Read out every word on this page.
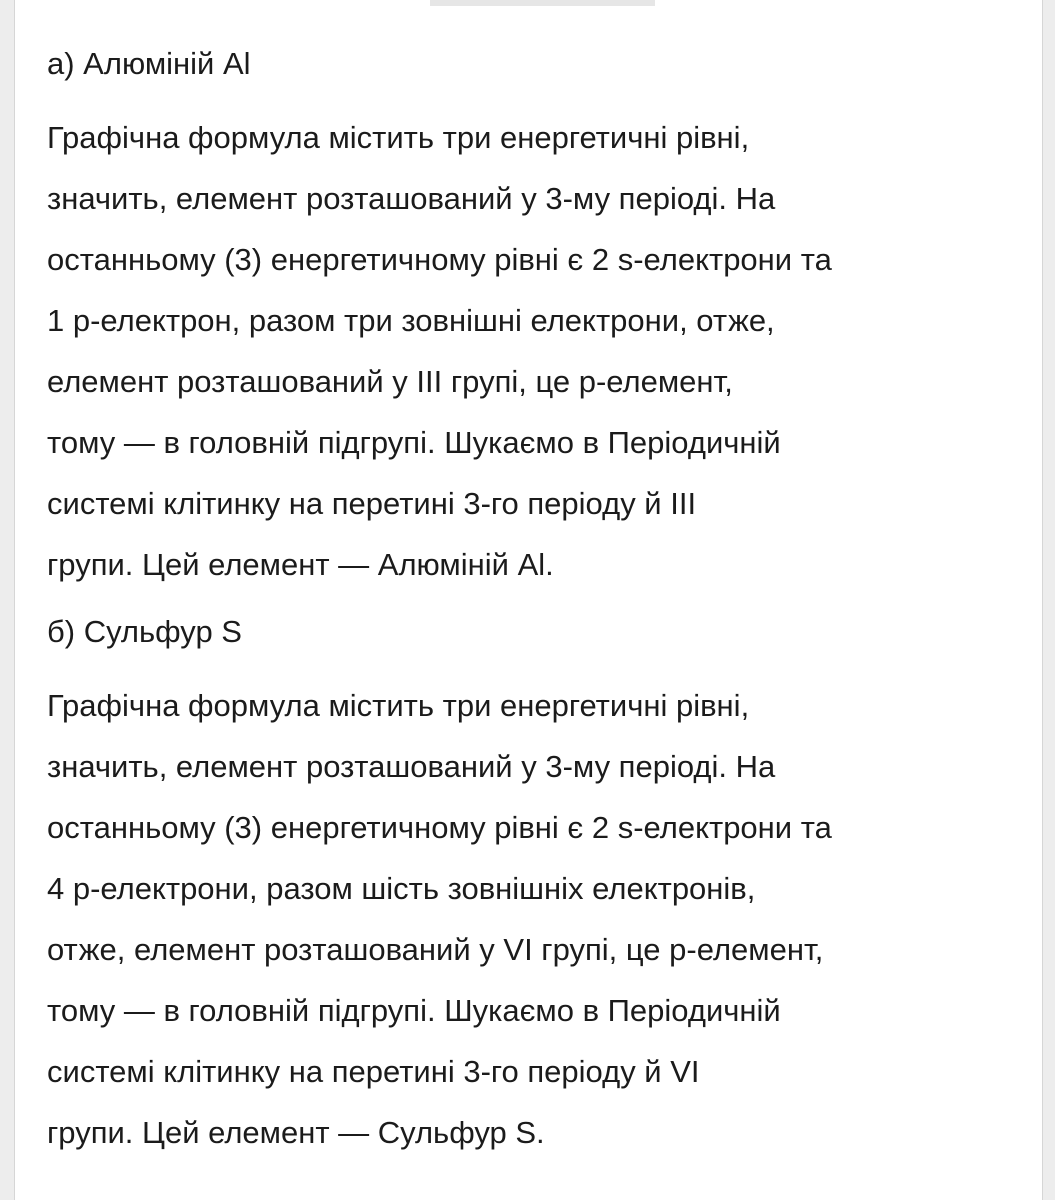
а) Алюміній Al
Графічна формула містить три енергетичні рівні,
значить, елемент розташований у 3-му періоді. На
останньому (3) енергетичному рівні є 2 s-електрони та
1 p-електрон, разом три зовнішні електрони, отже,
елемент розташований у III групі, це p-елемент,
тому — в головній підгрупі. Шукаємо в Періодичній
системі клітинку на перетині 3-го періоду й III
групи. Цей елемент — Алюміній Al.
б) Сульфур S
Графічна формула містить три енергетичні рівні,
значить, елемент розташований у 3-му періоді. На
останньому (3) енергетичному рівні є 2 s-електрони та
4 p-електрони, разом шість зовнішніх електронів,
отже, елемент розташований у VI групі, це p-елемент,
тому — в головній підгрупі. Шукаємо в Періодичній
системі клітинку на перетині 3-го періоду й VI
групи. Цей елемент — Сульфур S.
